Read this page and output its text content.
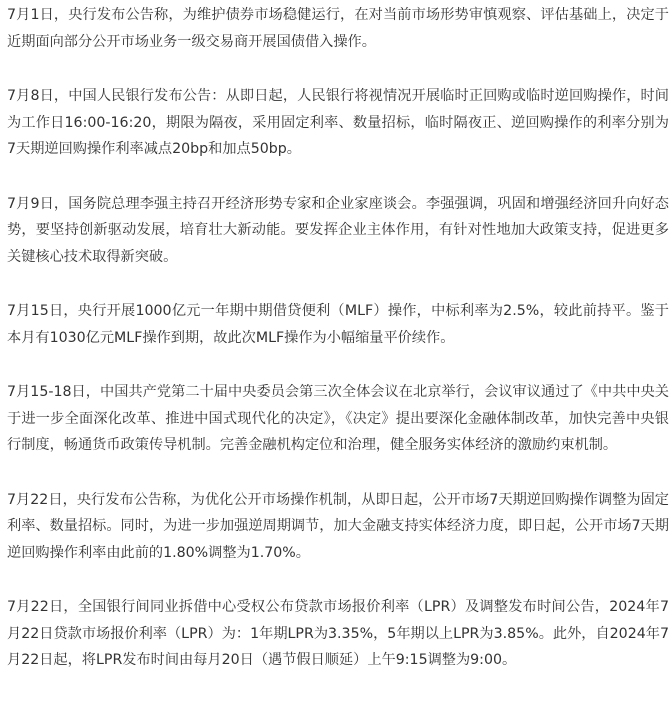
7月1日，央行发布公告称，为维护债券市场稳健运行，在对当前市场形势审慎观察、评估基础上，决定于近期面向部分公开市场业务一级交易商开展国债借入操作。

7月8日，中国人民银行发布公告：从即日起，人民银行将视情况开展临时正回购或临时逆回购操作，时间为工作日16:00-16:20，期限为隔夜，采用固定利率、数量招标，临时隔夜正、逆回购操作的利率分别为7天期逆回购操作利率减点20bp和加点50bp。

7月9日，国务院总理李强主持召开经济形势专家和企业家座谈会。李强强调，巩固和增强经济回升向好态势，要坚持创新驱动发展，培育壮大新动能。要发挥企业主体作用，有针对性地加大政策支持，促进更多关键核心技术取得新突破。

7月15日，央行开展1000亿元一年期中期借贷便利（MLF）操作，中标利率为2.5%，较此前持平。鉴于本月有1030亿元MLF操作到期，故此次MLF操作为小幅缩量平价续作。

7月15-18日，中国共产党第二十届中央委员会第三次全体会议在北京举行，会议审议通过了《中共中央关于进一步全面深化改革、推进中国式现代化的决定》，《决定》提出要深化金融体制改革，加快完善中央银行制度，畅通货币政策传导机制。完善金融机构定位和治理，健全服务实体经济的激励约束机制。

7月22日，央行发布公告称，为优化公开市场操作机制，从即日起，公开市场7天期逆回购操作调整为固定利率、数量招标。同时，为进一步加强逆周期调节，加大金融支持实体经济力度，即日起，公开市场7天期逆回购操作利率由此前的1.80%调整为1.70%。

7月22日，全国银行间同业拆借中心受权公布贷款市场报价利率（LPR）及调整发布时间公告，2024年7月22日贷款市场报价利率（LPR）为：1年期LPR为3.35%，5年期以上LPR为3.85%。此外，自2024年7月22日起，将LPR发布时间由每月20日（遇节假日顺延）上午9:15调整为9:00。
